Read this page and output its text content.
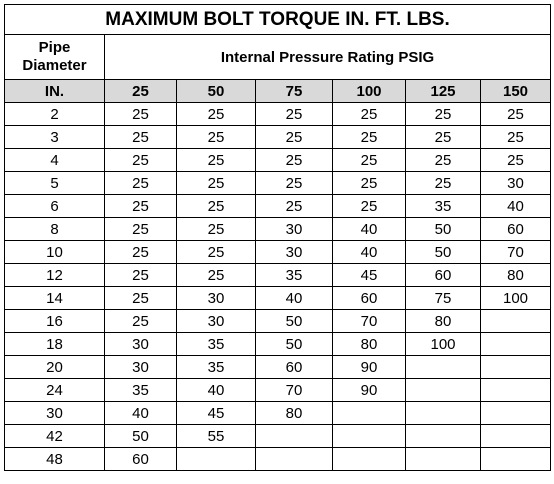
MAXIMUM BOLT TORQUE IN. FT. LBS.						
Pipe
Diameter	Internal Pressure Rating PSIG					
IN.	25	50	75	100	125	150
2	25	25	25	25	25	25
3	25	25	25	25	25	25
4	25	25	25	25	25	25
5	25	25	25	25	25	30
6	25	25	25	25	35	40
8	25	25	30	40	50	60
10	25	25	30	40	50	70
12	25	25	35	45	60	80
14	25	30	40	60	75	100
16	25	30	50	70	80	
18	30	35	50	80	100	
20	30	35	60	90		
24	35	40	70	90		
30	40	45	80			
42	50	55				
48	60					
